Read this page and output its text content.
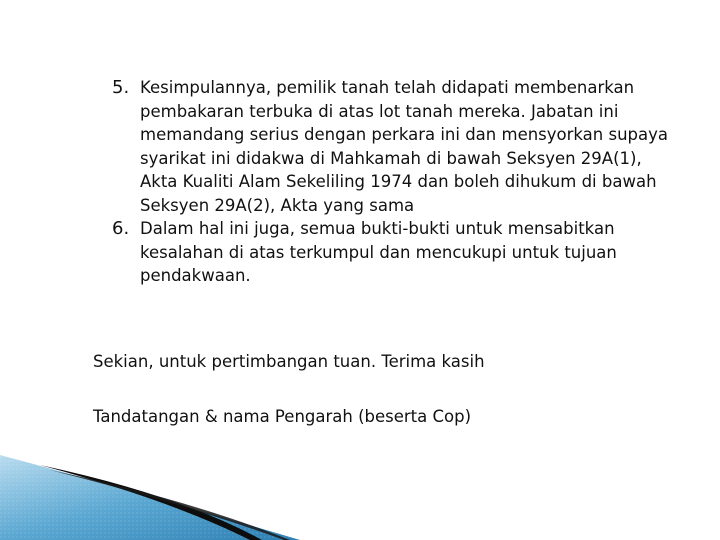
5. Kesimpulannya, pemilik tanah telah didapati membenarkan pembakaran terbuka di atas lot tanah mereka. Jabatan ini memandang serius dengan perkara ini dan mensyorkan supaya syarikat ini didakwa di Mahkamah di bawah Seksyen 29A(1), Akta Kualiti Alam Sekeliling 1974 dan boleh dihukum di bawah Seksyen 29A(2), Akta yang sama
6. Dalam hal ini juga, semua bukti-bukti untuk mensabitkan kesalahan di atas terkumpul dan mencukupi untuk tujuan pendakwaan.
Sekian, untuk pertimbangan tuan. Terima kasih
Tandatangan & nama Pengarah (beserta Cop)
